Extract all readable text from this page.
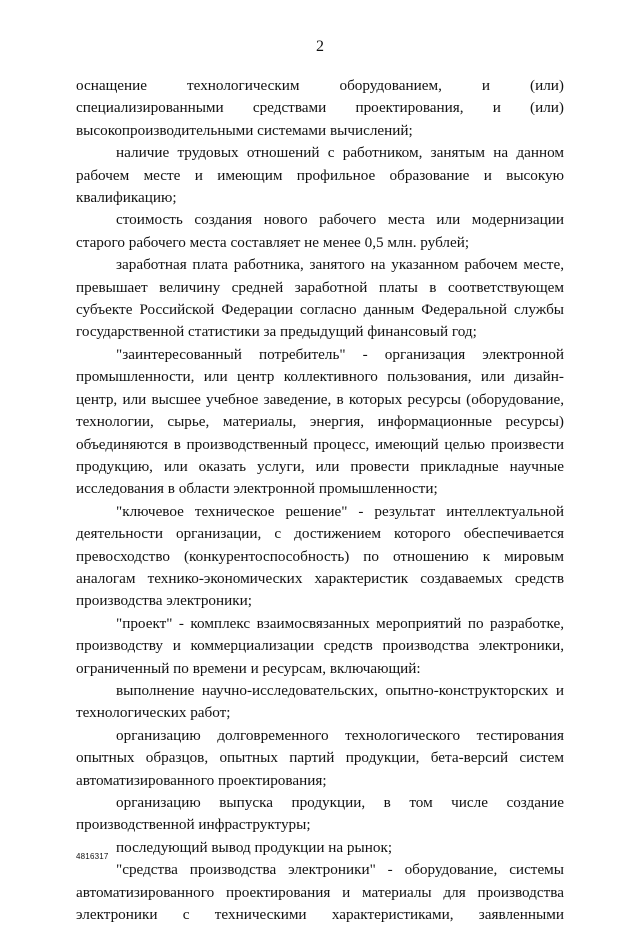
2

оснащение технологическим оборудованием, и (или) специализированными средствами проектирования, и (или) высокопроизводительными системами вычислений;

наличие трудовых отношений с работником, занятым на данном рабочем месте и имеющим профильное образование и высокую квалификацию;

стоимость создания нового рабочего места или модернизации старого рабочего места составляет не менее 0,5 млн. рублей;

заработная плата работника, занятого на указанном рабочем месте, превышает величину средней заработной платы в соответствующем субъекте Российской Федерации согласно данным Федеральной службы государственной статистики за предыдущий финансовый год;

"заинтересованный потребитель" - организация электронной промышленности, или центр коллективного пользования, или дизайн-центр, или высшее учебное заведение, в которых ресурсы (оборудование, технологии, сырье, материалы, энергия, информационные ресурсы) объединяются в производственный процесс, имеющий целью произвести продукцию, или оказать услуги, или провести прикладные научные исследования в области электронной промышленности;

"ключевое техническое решение" - результат интеллектуальной деятельности организации, с достижением которого обеспечивается превосходство (конкурентоспособность) по отношению к мировым аналогам технико-экономических характеристик создаваемых средств производства электроники;

"проект" - комплекс взаимосвязанных мероприятий по разработке, производству и коммерциализации средств производства электроники, ограниченный по времени и ресурсам, включающий:

выполнение научно-исследовательских, опытно-конструкторских и технологических работ;

организацию долговременного технологического тестирования опытных образцов, опытных партий продукции, бета-версий систем автоматизированного проектирования;

организацию выпуска продукции, в том числе создание производственной инфраструктуры;

последующий вывод продукции на рынок;

"средства производства электроники" - оборудование, системы автоматизированного проектирования и материалы для производства электроники с техническими характеристиками, заявленными

4816317
